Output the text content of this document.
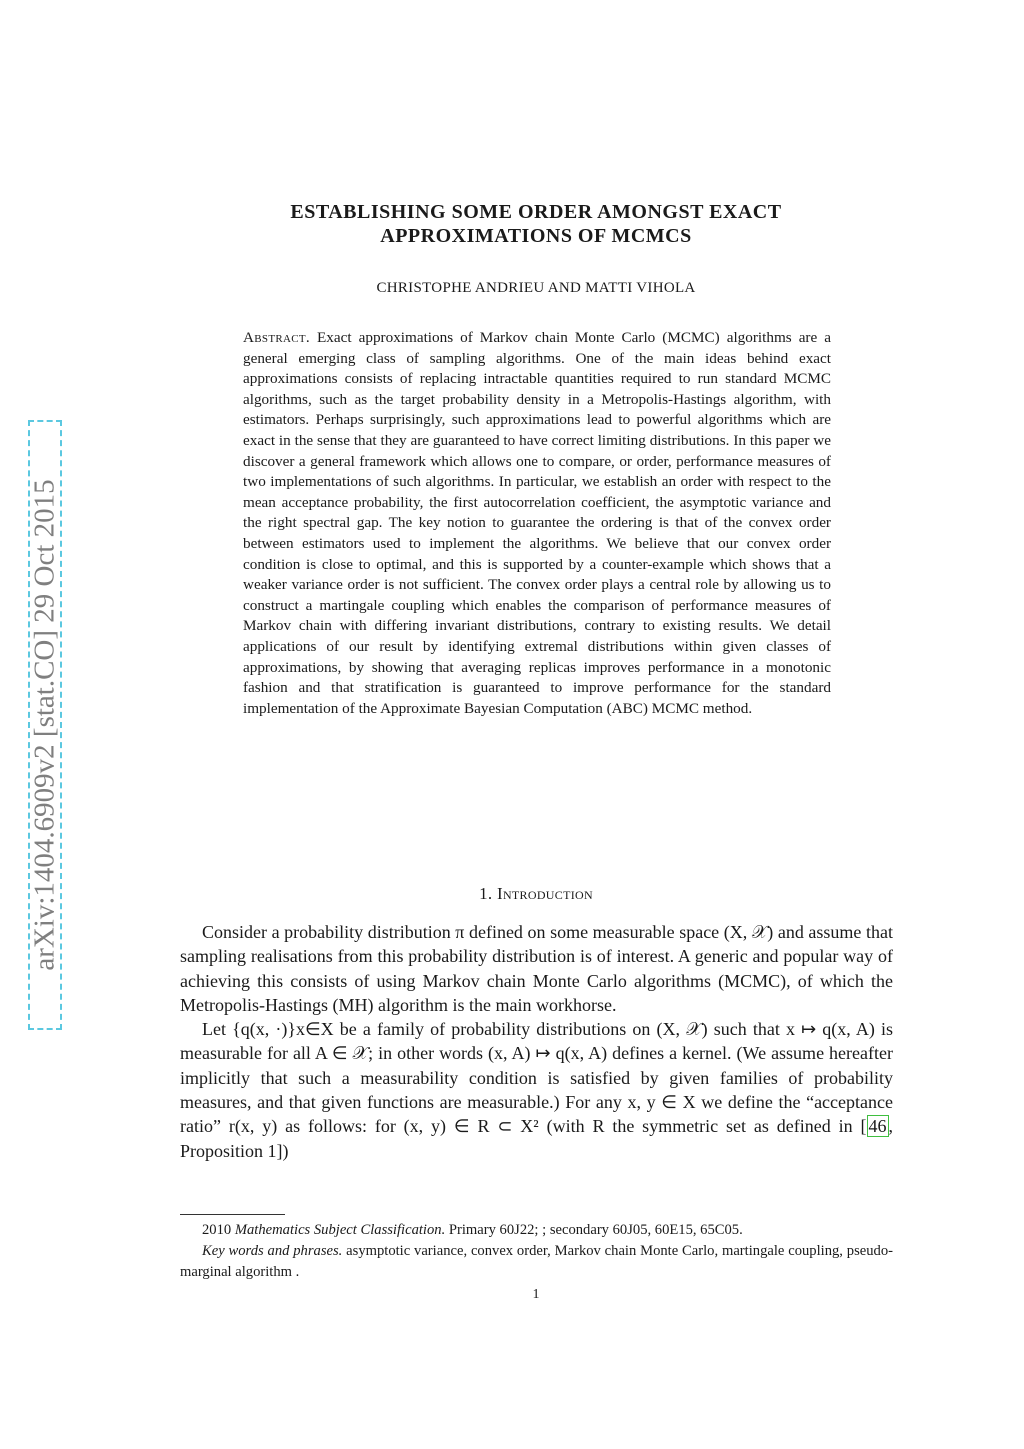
arXiv:1404.6909v2 [stat.CO] 29 Oct 2015
ESTABLISHING SOME ORDER AMONGST EXACT
APPROXIMATIONS OF MCMCS
CHRISTOPHE ANDRIEU AND MATTI VIHOLA
Abstract. Exact approximations of Markov chain Monte Carlo (MCMC) algorithms are a general emerging class of sampling algorithms. One of the main ideas behind exact approximations consists of replacing intractable quantities required to run standard MCMC algorithms, such as the target probability density in a Metropolis-Hastings algorithm, with estimators. Perhaps surprisingly, such approximations lead to powerful algorithms which are exact in the sense that they are guaranteed to have correct limiting distributions. In this paper we discover a general framework which allows one to compare, or order, performance measures of two implementations of such algorithms. In particular, we establish an order with respect to the mean acceptance probability, the first autocorrelation coefficient, the asymptotic variance and the right spectral gap. The key notion to guarantee the ordering is that of the convex order between estimators used to implement the algorithms. We believe that our convex order condition is close to optimal, and this is supported by a counter-example which shows that a weaker variance order is not sufficient. The convex order plays a central role by allowing us to construct a martingale coupling which enables the comparison of performance measures of Markov chain with differing invariant distributions, contrary to existing results. We detail applications of our result by identifying extremal distributions within given classes of approximations, by showing that averaging replicas improves performance in a monotonic fashion and that stratification is guaranteed to improve performance for the standard implementation of the Approximate Bayesian Computation (ABC) MCMC method.
1. Introduction

Consider a probability distribution π defined on some measurable space (X, 𝒳) and assume that sampling realisations from this probability distribution is of interest. A generic and popular way of achieving this consists of using Markov chain Monte Carlo algorithms (MCMC), of which the Metropolis-Hastings (MH) algorithm is the main workhorse.

Let {q(x, ·)}x∈X be a family of probability distributions on (X, 𝒳) such that x ↦ q(x, A) is measurable for all A ∈ 𝒳; in other words (x, A) ↦ q(x, A) defines a kernel. (We assume hereafter implicitly that such a measurability condition is satisfied by given families of probability measures, and that given functions are measurable.) For any x, y ∈ X we define the “acceptance ratio” r(x, y) as follows: for (x, y) ∈ R ⊂ X² (with R the symmetric set as defined in [ 46 , Proposition 1])

2010 Mathematics Subject Classification. Primary 60J22; ; secondary 60J05, 60E15, 65C05.

Key words and phrases. asymptotic variance, convex order, Markov chain Monte Carlo, martingale coupling, pseudo-marginal algorithm .

1
